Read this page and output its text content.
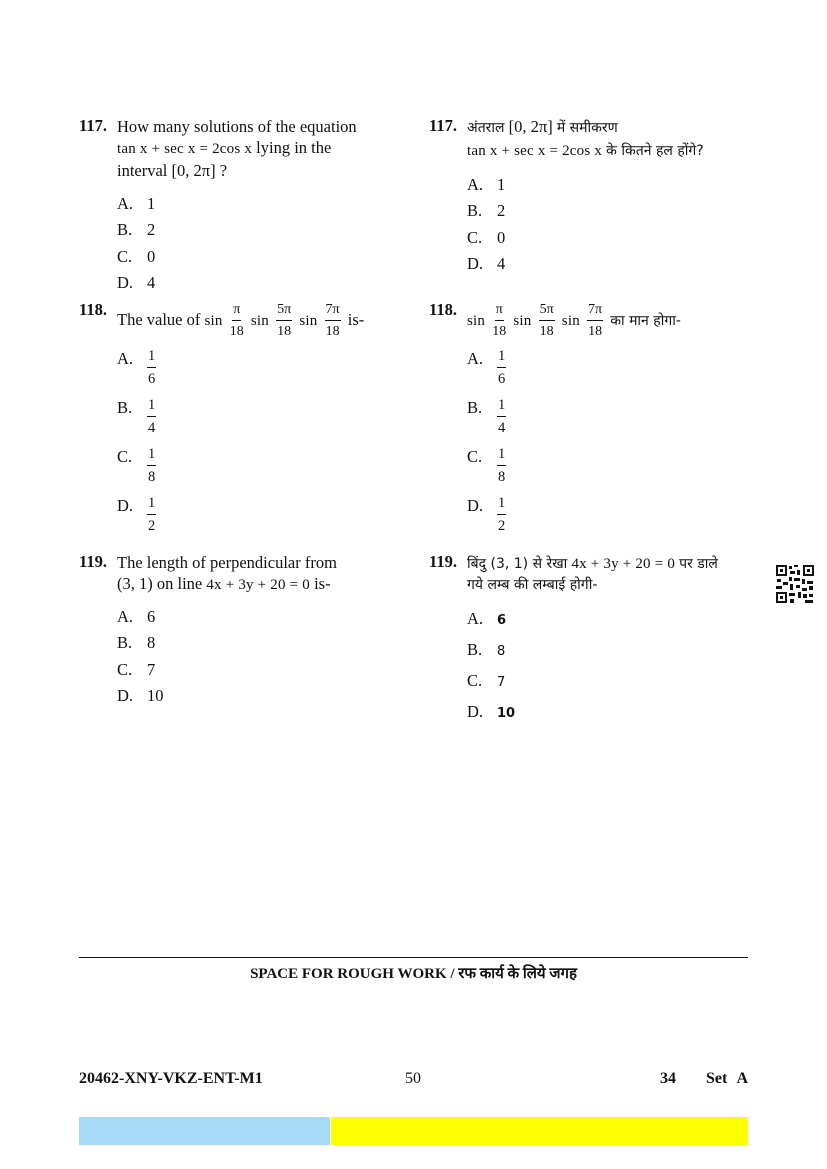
117. How many solutions of the equation
tan x + sec x = 2cos x lying in the
interval [0, 2π] ?
A. 1
B. 2
C. 0
D. 4
118.
The value of $\sin \frac{\pi}{18}$ $\sin \frac{5\pi}{18}$ $\sin \frac{7\pi}{18} is-$
A. $\frac{1}{6}$
B.	$\frac{1}{4}$
C.	$\frac{1}{8}$
D. $\frac{1}{2}$
119. The length of perpendicular from
(3, 1) on line 4x + 3y + 20 = 0 is-
A. 6
B. 8
C. 7
D. 10
117. अंतराल [0, 2π] में समीकरण
tan x + sec x = 2cos x के कितने हल होंगे?
A. 1
B. 2
C. 0
D. 4
118.
$\sin \frac{\pi}{18}$ $\sin \frac{5\pi}{18}$ $\sin \frac{7\pi}{18}$ का मान होगा-
A. $\frac{1}{6}$
B.	$\frac{1}{4}$
C.	$\frac{1}{8}$
D. $\frac{1}{2}$
119. बिंदु (3, 1) से रेखा 4x + 3y + 20 = 0 पर डाले
गये लम्ब की लम्बाई होगी-
A. 6
B. 8
C. 7
D. 10
SPACE FOR ROUGH WORK / रफ कार्य के लिये जगह
20462-XNY-VKZ-ENT-M1	50	34   Set A
